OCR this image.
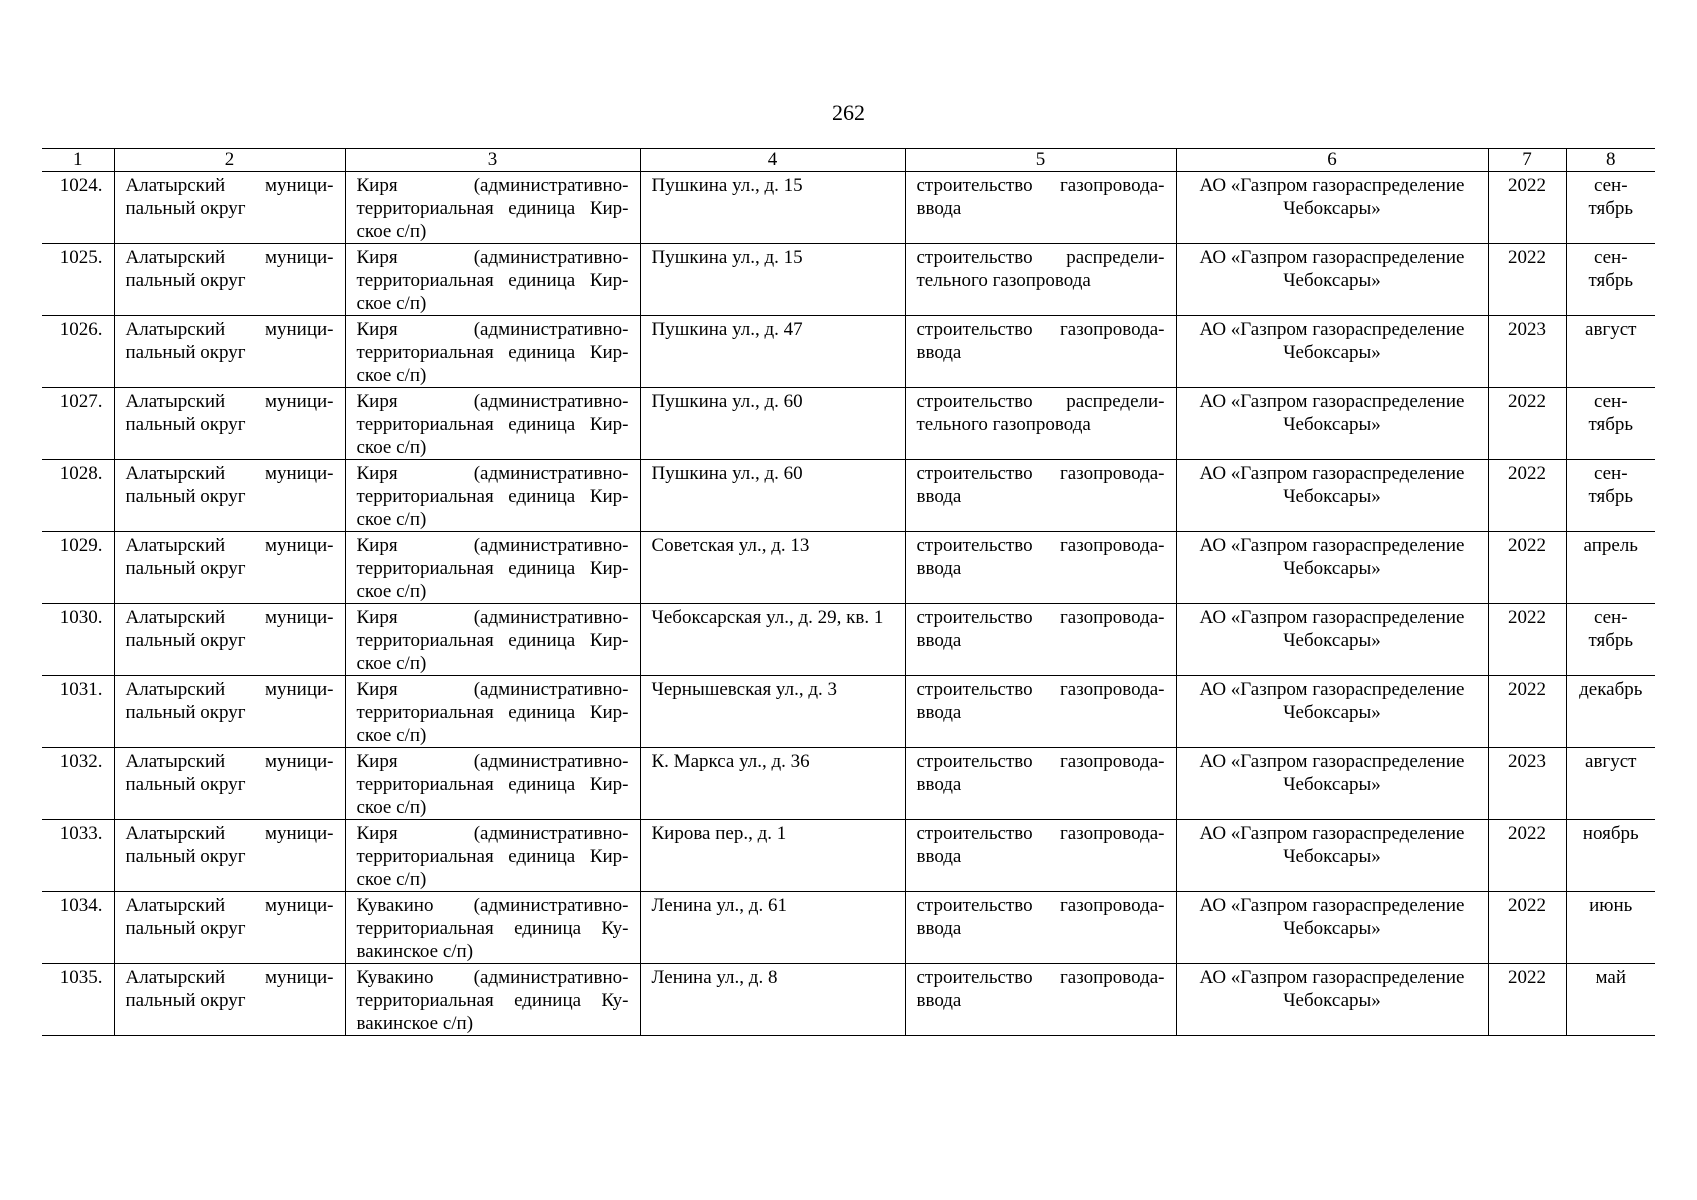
262
1	2	3	4	5	6	7	8
1024.	Алатырский муници- пальный округ	Киря (административно- территориальная единица Кир- ское с/п)	Пушкина ул., д. 15	строительство газопровода- ввода	АО «Газпром газораспределение Чебоксары»	2022	сен- тябрь
1025.	Алатырский муници- пальный округ	Киря (административно- территориальная единица Кир- ское с/п)	Пушкина ул., д. 15	строительство распредели- тельного газопровода	АО «Газпром газораспределение Чебоксары»	2022	сен- тябрь
1026.	Алатырский муници- пальный округ	Киря (административно- территориальная единица Кир- ское с/п)	Пушкина ул., д. 47	строительство газопровода- ввода	АО «Газпром газораспределение Чебоксары»	2023	август
1027.	Алатырский муници- пальный округ	Киря (административно- территориальная единица Кир- ское с/п)	Пушкина ул., д. 60	строительство распредели- тельного газопровода	АО «Газпром газораспределение Чебоксары»	2022	сен- тябрь
1028.	Алатырский муници- пальный округ	Киря (административно- территориальная единица Кир- ское с/п)	Пушкина ул., д. 60	строительство газопровода- ввода	АО «Газпром газораспределение Чебоксары»	2022	сен- тябрь
1029.	Алатырский муници- пальный округ	Киря (административно- территориальная единица Кир- ское с/п)	Советская ул., д. 13	строительство газопровода- ввода	АО «Газпром газораспределение Чебоксары»	2022	апрель
1030.	Алатырский муници- пальный округ	Киря (административно- территориальная единица Кир- ское с/п)	Чебоксарская ул., д. 29, кв. 1	строительство газопровода- ввода	АО «Газпром газораспределение Чебоксары»	2022	сен- тябрь
1031.	Алатырский муници- пальный округ	Киря (административно- территориальная единица Кир- ское с/п)	Чернышевская ул., д. 3	строительство газопровода- ввода	АО «Газпром газораспределение Чебоксары»	2022	декабрь
1032.	Алатырский муници- пальный округ	Киря (административно- территориальная единица Кир- ское с/п)	К. Маркса ул., д. 36	строительство газопровода- ввода	АО «Газпром газораспределение Чебоксары»	2023	август
1033.	Алатырский муници- пальный округ	Киря (административно- территориальная единица Кир- ское с/п)	Кирова пер., д. 1	строительство газопровода- ввода	АО «Газпром газораспределение Чебоксары»	2022	ноябрь
1034.	Алатырский муници- пальный округ	Кувакино (административно- территориальная единица Ку- вакинское с/п)	Ленина ул., д. 61	строительство газопровода- ввода	АО «Газпром газораспределение Чебоксары»	2022	июнь
1035.	Алатырский муници- пальный округ	Кувакино (административно- территориальная единица Ку- вакинское с/п)	Ленина ул., д. 8	строительство газопровода- ввода	АО «Газпром газораспределение Чебоксары»	2022	май
